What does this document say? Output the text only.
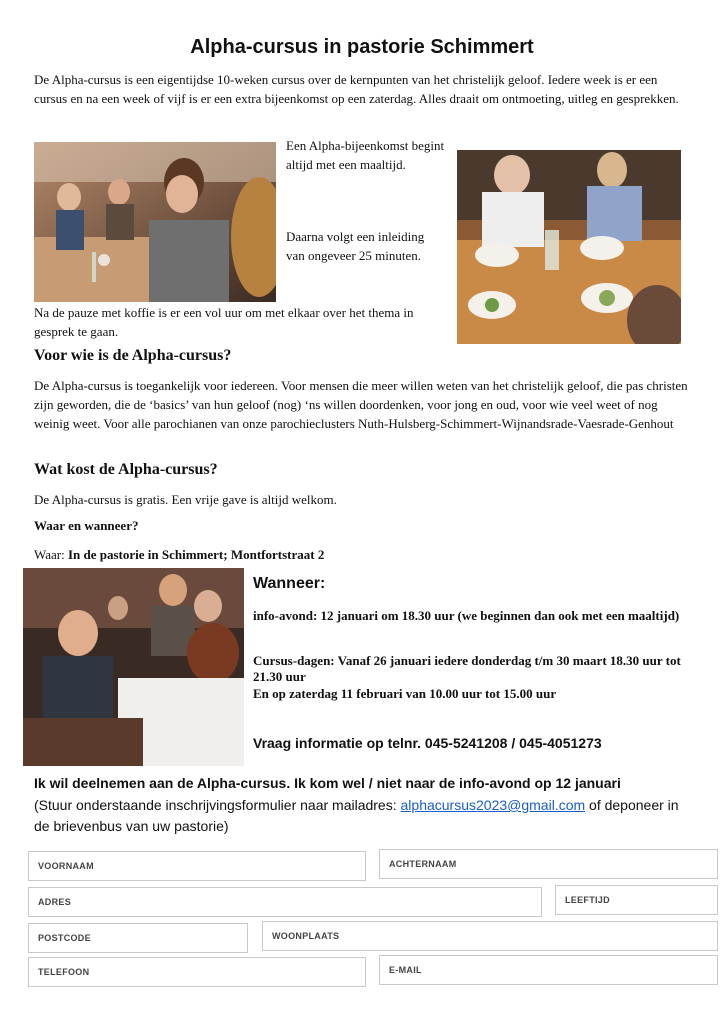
Alpha-cursus in pastorie Schimmert
De Alpha-cursus is een eigentijdse 10-weken cursus over de kernpunten van het christelijk geloof. Iedere week is er een cursus en na een week of vijf is er een extra bijeenkomst op een zaterdag. Alles draait om ontmoeting, uitleg en gesprekken.
Een Alpha-bijeenkomst begint altijd met een maaltijd.
Daarna volgt een inleiding van ongeveer 25 minuten.
Na de pauze met koffie is er een vol uur om met elkaar over het thema in gesprek te gaan.
Voor wie is de Alpha-cursus?
De Alpha-cursus is toegankelijk voor iedereen. Voor mensen die meer willen weten van het christelijk geloof, die pas christen zijn geworden, die de ‘basics’ van hun geloof (nog) ‘ns willen doordenken, voor jong en oud, voor wie veel weet of nog weinig weet. Voor alle parochianen van onze parochieclusters Nuth-Hulsberg-Schimmert-Wijnandsrade-Vaesrade-Genhout
Wat kost de Alpha-cursus?
De Alpha-cursus is gratis. Een vrije gave is altijd welkom.
Waar en wanneer?
Waar: In de pastorie in Schimmert; Montfortstraat 2
Wanneer:
info-avond: 12 januari om 18.30 uur (we beginnen dan ook met een maaltijd)
Cursus-dagen: Vanaf 26 januari iedere donderdag t/m 30 maart 18.30 uur tot 21.30 uur
En op zaterdag 11 februari van 10.00 uur tot 15.00 uur
Vraag informatie op telnr. 045-5241208 / 045-4051273
Ik wil deelnemen aan de Alpha-cursus. Ik kom wel / niet naar de info-avond op 12 januari
(Stuur onderstaande inschrijvingsformulier naar mailadres: alphacursus2023@gmail.com of deponeer in de brievenbus van uw pastorie)
VOORNAAM	ACHTERNAAM
ADRES	LEEFTIJD
POSTCODE	WOONPLAATS
TELEFOON	E-MAIL
